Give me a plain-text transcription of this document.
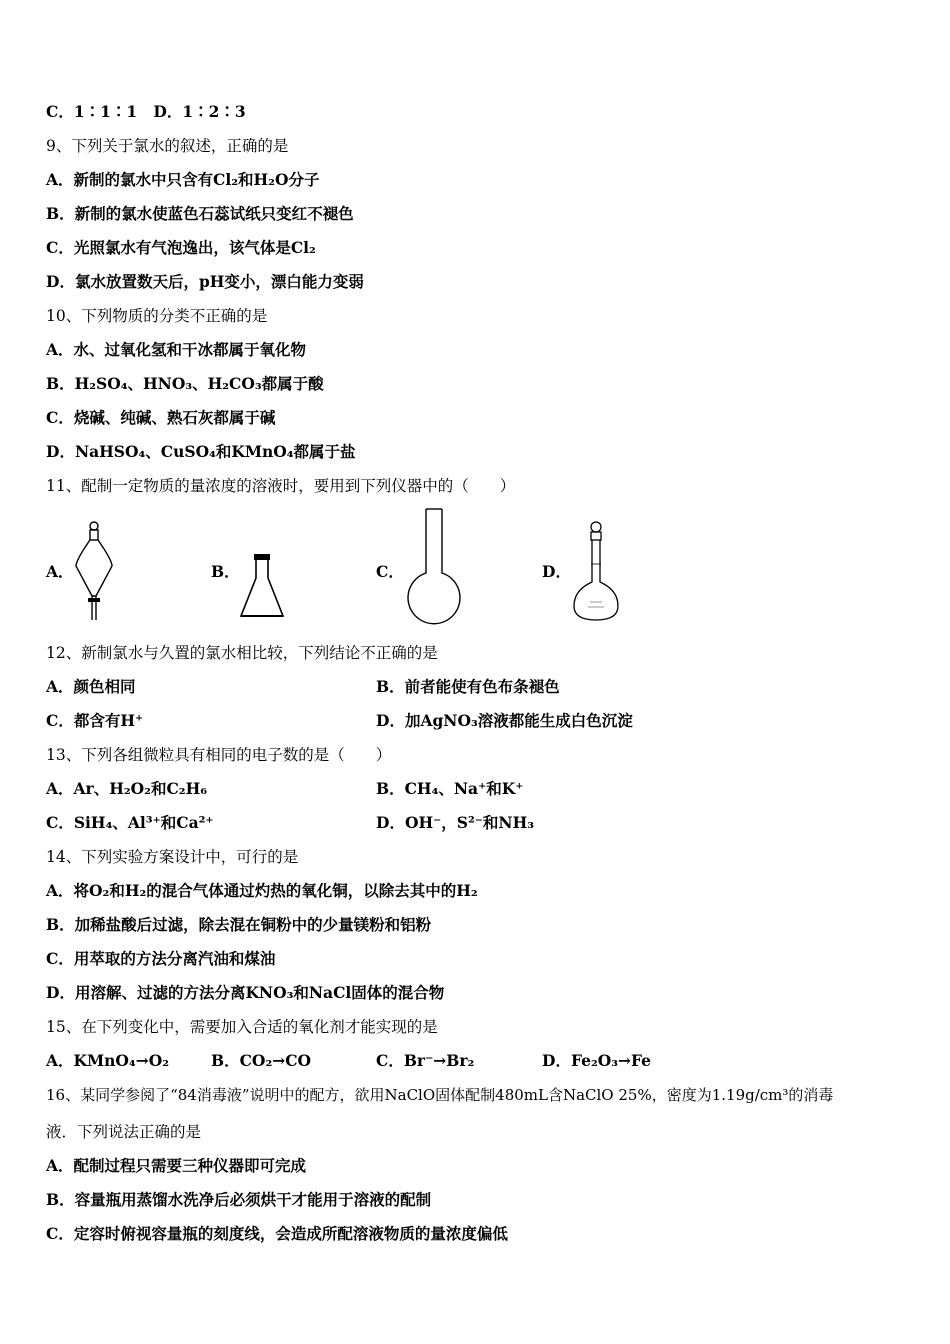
C．1∶1∶1 D．1∶2∶3
9、下列关于氯水的叙述，正确的是
A．新制的氯水中只含有Cl₂和H₂O分子
B．新制的氯水使蓝色石蕊试纸只变红不褪色
C．光照氯水有气泡逸出，该气体是Cl₂
D．氯水放置数天后，pH变小，漂白能力变弱
10、下列物质的分类不正确的是
A．水、过氧化氢和干冰都属于氧化物
B．H₂SO₄、HNO₃、H₂CO₃都属于酸
C．烧碱、纯碱、熟石灰都属于碱
D．NaHSO₄、CuSO₄和KMnO₄都属于盐
11、配制一定物质的量浓度的溶液时，要用到下列仪器中的（　　）
A．	B．	C．	D．
12、新制氯水与久置的氯水相比较，下列结论不正确的是
A．颜色相同	B．前者能使有色布条褪色
C．都含有H⁺	D．加AgNO₃溶液都能生成白色沉淀
13、下列各组微粒具有相同的电子数的是（　　）
A．Ar、H₂O₂和C₂H₆	B．CH₄、Na⁺和K⁺
C．SiH₄、Al³⁺和Ca²⁺	D．OH⁻，S²⁻和NH₃
14、下列实验方案设计中，可行的是
A．将O₂和H₂的混合气体通过灼热的氧化铜，以除去其中的H₂
B．加稀盐酸后过滤，除去混在铜粉中的少量镁粉和铝粉
C．用萃取的方法分离汽油和煤油
D．用溶解、过滤的方法分离KNO₃和NaCl固体的混合物
15、在下列变化中，需要加入合适的氧化剂才能实现的是
A．KMnO₄→O₂	B．CO₂→CO	C．Br⁻→Br₂	D．Fe₂O₃→Fe
16、某同学参阅了“84消毒液”说明中的配方，欲用NaClO固体配制480mL含NaClO 25%，密度为1.19g/cm³的消毒
液．下列说法正确的是
A．配制过程只需要三种仪器即可完成
B．容量瓶用蒸馏水洗净后必须烘干才能用于溶液的配制
C．定容时俯视容量瓶的刻度线，会造成所配溶液物质的量浓度偏低
